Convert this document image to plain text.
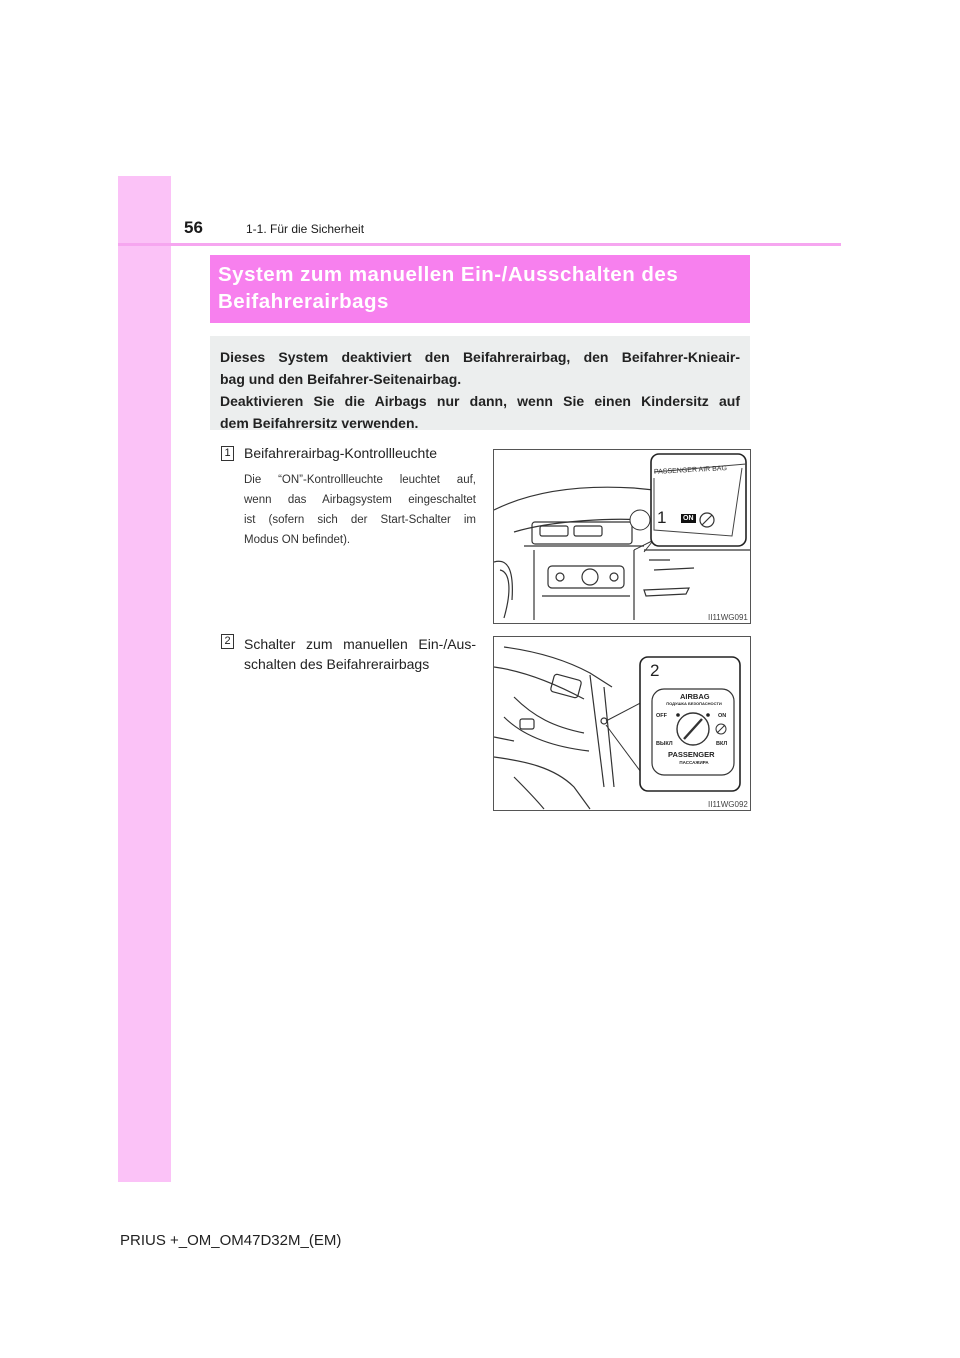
56	1-1. Für die Sicherheit
System zum manuellen Ein-/Ausschalten des
Beifahrerairbags
Dieses System deaktiviert den Beifahrerairbag, den Beifahrer-Knieair-
bag und den Beifahrer-Seitenairbag.
Deaktivieren Sie die Airbags nur dann, wenn Sie einen Kindersitz auf
dem Beifahrersitz verwenden.
1 Beifahrerairbag-Kontrollleuchte
Die “ON”-Kontrollleuchte leuchtet auf,
wenn das Airbagsystem eingeschaltet
ist (sofern sich der Start-Schalter im
Modus ON befindet).
PASSENGER AIR BAG
1 ON
II11WG091
2 Schalter zum manuellen Ein-/Aus-
schalten des Beifahrerairbags	2
AIRBAG
ПОДУШКА БЕЗОПАСНОСТИ
OFF	ON
ВЫКЛ	ВКЛ
PASSENGER
ПАССАЖИРА
II11WG092
PRIUS +_OM_OM47D32M_(EM)
